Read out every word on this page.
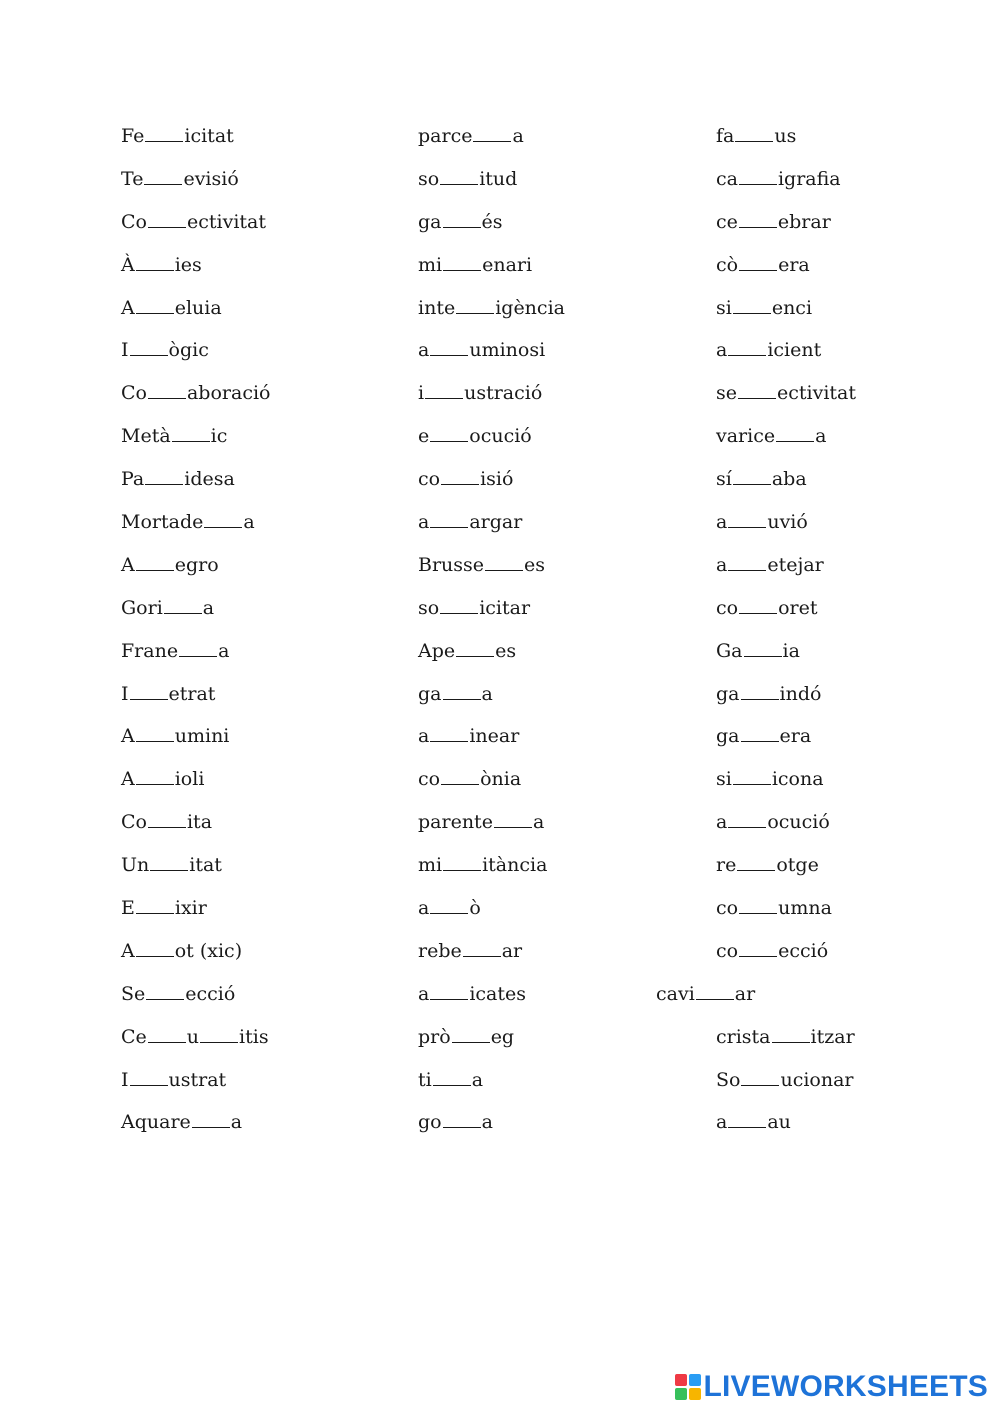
Fe icitat
Te evisió
Co ectivitat
À ies
A eluia
I ògic
Co aboració
Metà ic
Pa idesa
Mortade a
A egro
Gori a
Frane a
I etrat
A umini
A ioli
Co ita
Un itat
E ixir
A ot (xic)
Se ecció
Ce u itis
I ustrat
Aquare a
parce a
so itud
ga és
mi enari
inte igència
a uminosi
i ustració
e ocució
co isió
a argar
Brusse es
so icitar
Ape es
ga a
a inear
co ònia
parente a
mi itància
a ò
rebe ar
a icates
prò eg
ti a
go a
fa us
ca igrafia
ce ebrar
cò era
si enci
a icient
se ectivitat
varice a
sí aba
a uvió
a etejar
co oret
Ga ia
ga indó
ga era
si icona
a ocució
re otge
co umna
co ecció
cavi ar
crista itzar
So ucionar
a au
LIVEWORKSHEETS
